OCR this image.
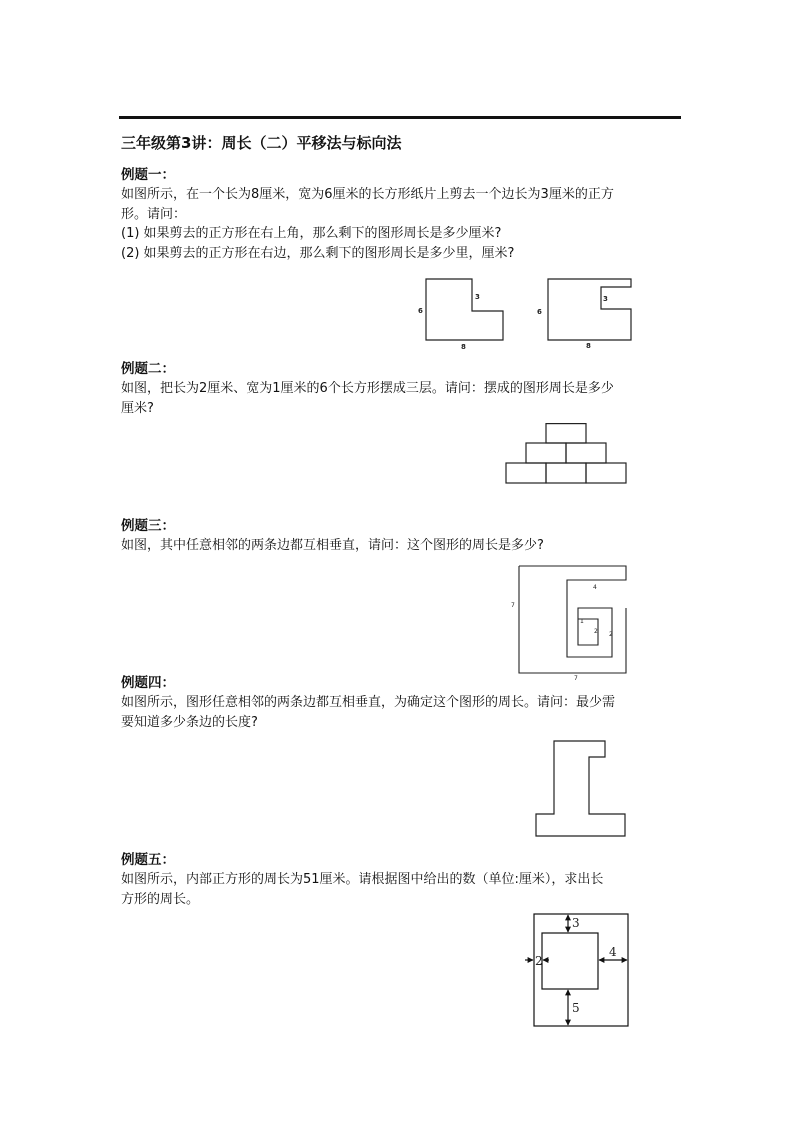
三年级第3讲：周长（二）平移法与标向法
例题一：
如图所示，在一个长为8厘米，宽为6厘米的长方形纸片上剪去一个边长为3厘米的正方
形。请问：
(1) 如果剪去的正方形在右上角，那么剩下的图形周长是多少厘米?
(2) 如果剪去的正方形在右边，那么剩下的图形周长是多少里，厘米?
6
3
8
6
3
8
例题二：
如图，把长为2厘米、宽为1厘米的6个长方形摆成三层。请问：摆成的图形周长是多少
厘米?
例题三：
如图，其中任意相邻的两条边都互相垂直，请问：这个图形的周长是多少?
7
4
1
2 2
7
例题四：
如图所示，图形任意相邻的两条边都互相垂直，为确定这个图形的周长。请问：最少需
要知道多少条边的长度?
例题五：
如图所示，内部正方形的周长为51厘米。请根据图中给出的数（单位:厘米），求出长
方形的周长。
3
4
2
5
